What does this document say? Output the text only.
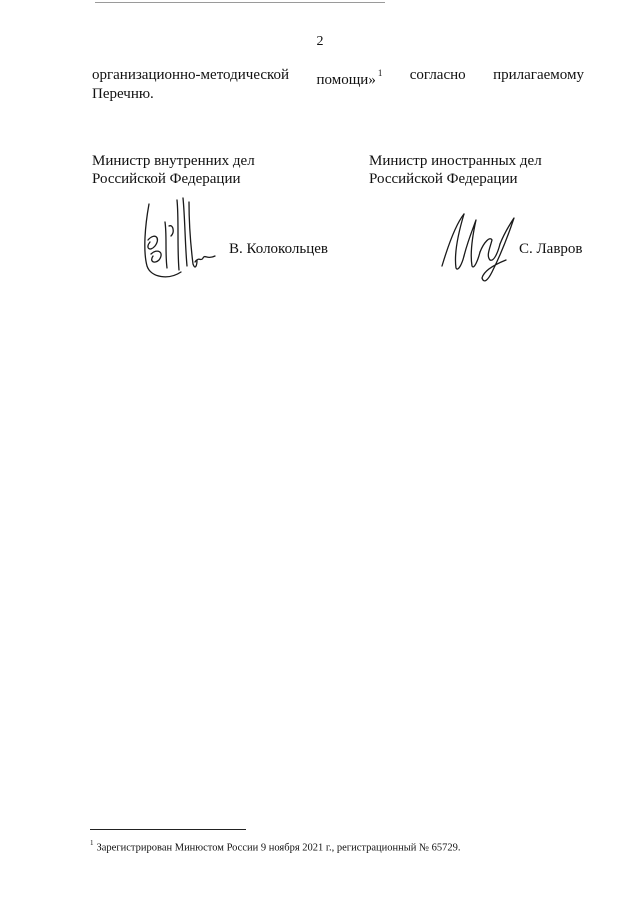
2
организационно-методической помощи» $^1$ согласно прилагаемому
Перечню.
Министр внутренних дел
Российской Федерации
Министр иностранных дел
Российской Федерации
В. Колокольцев	С. Лавров
$^1$ Зарегистрирован Минюстом России 9 ноября 2021 г., регистрационный № 65729.
